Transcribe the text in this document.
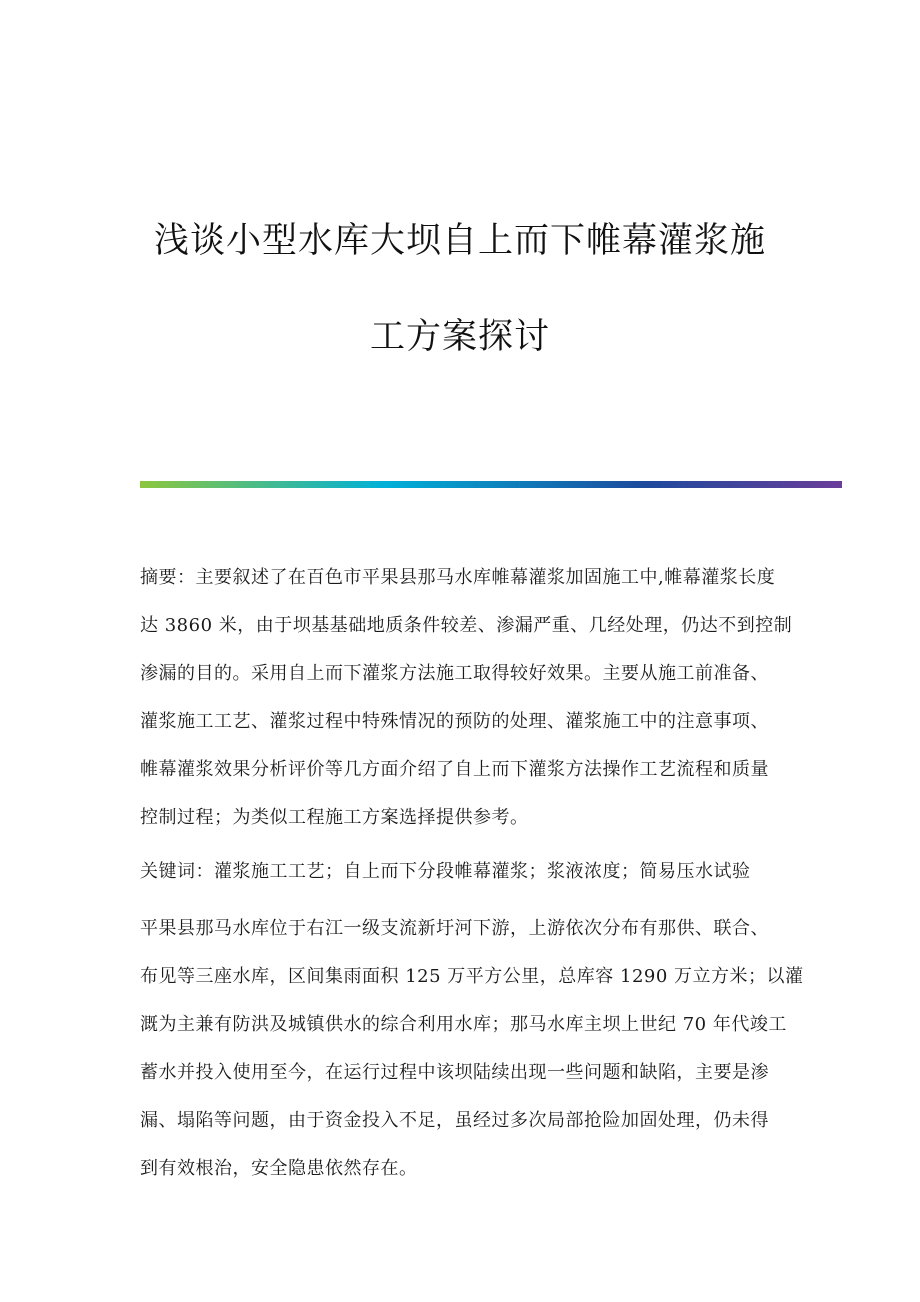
浅谈小型水库大坝自上而下帷幕灌浆施
工方案探讨
摘要：主要叙述了在百色市平果县那马水库帷幕灌浆加固施工中,帷幕灌浆长度
达 3860 米，由于坝基基础地质条件较差、渗漏严重、几经处理，仍达不到控制
渗漏的目的。采用自上而下灌浆方法施工取得较好效果。主要从施工前准备、
灌浆施工工艺、灌浆过程中特殊情况的预防的处理、灌浆施工中的注意事项、
帷幕灌浆效果分析评价等几方面介绍了自上而下灌浆方法操作工艺流程和质量
控制过程；为类似工程施工方案选择提供参考。
关键词：灌浆施工工艺；自上而下分段帷幕灌浆；浆液浓度；简易压水试验
平果县那马水库位于右江一级支流新圩河下游，上游依次分布有那供、联合、
布见等三座水库，区间集雨面积 125 万平方公里，总库容 1290 万立方米；以灌
溉为主兼有防洪及城镇供水的综合利用水库；那马水库主坝上世纪 70 年代竣工
蓄水并投入使用至今，在运行过程中该坝陆续出现一些问题和缺陷，主要是渗
漏、塌陷等问题，由于资金投入不足，虽经过多次局部抢险加固处理，仍未得
到有效根治，安全隐患依然存在。
